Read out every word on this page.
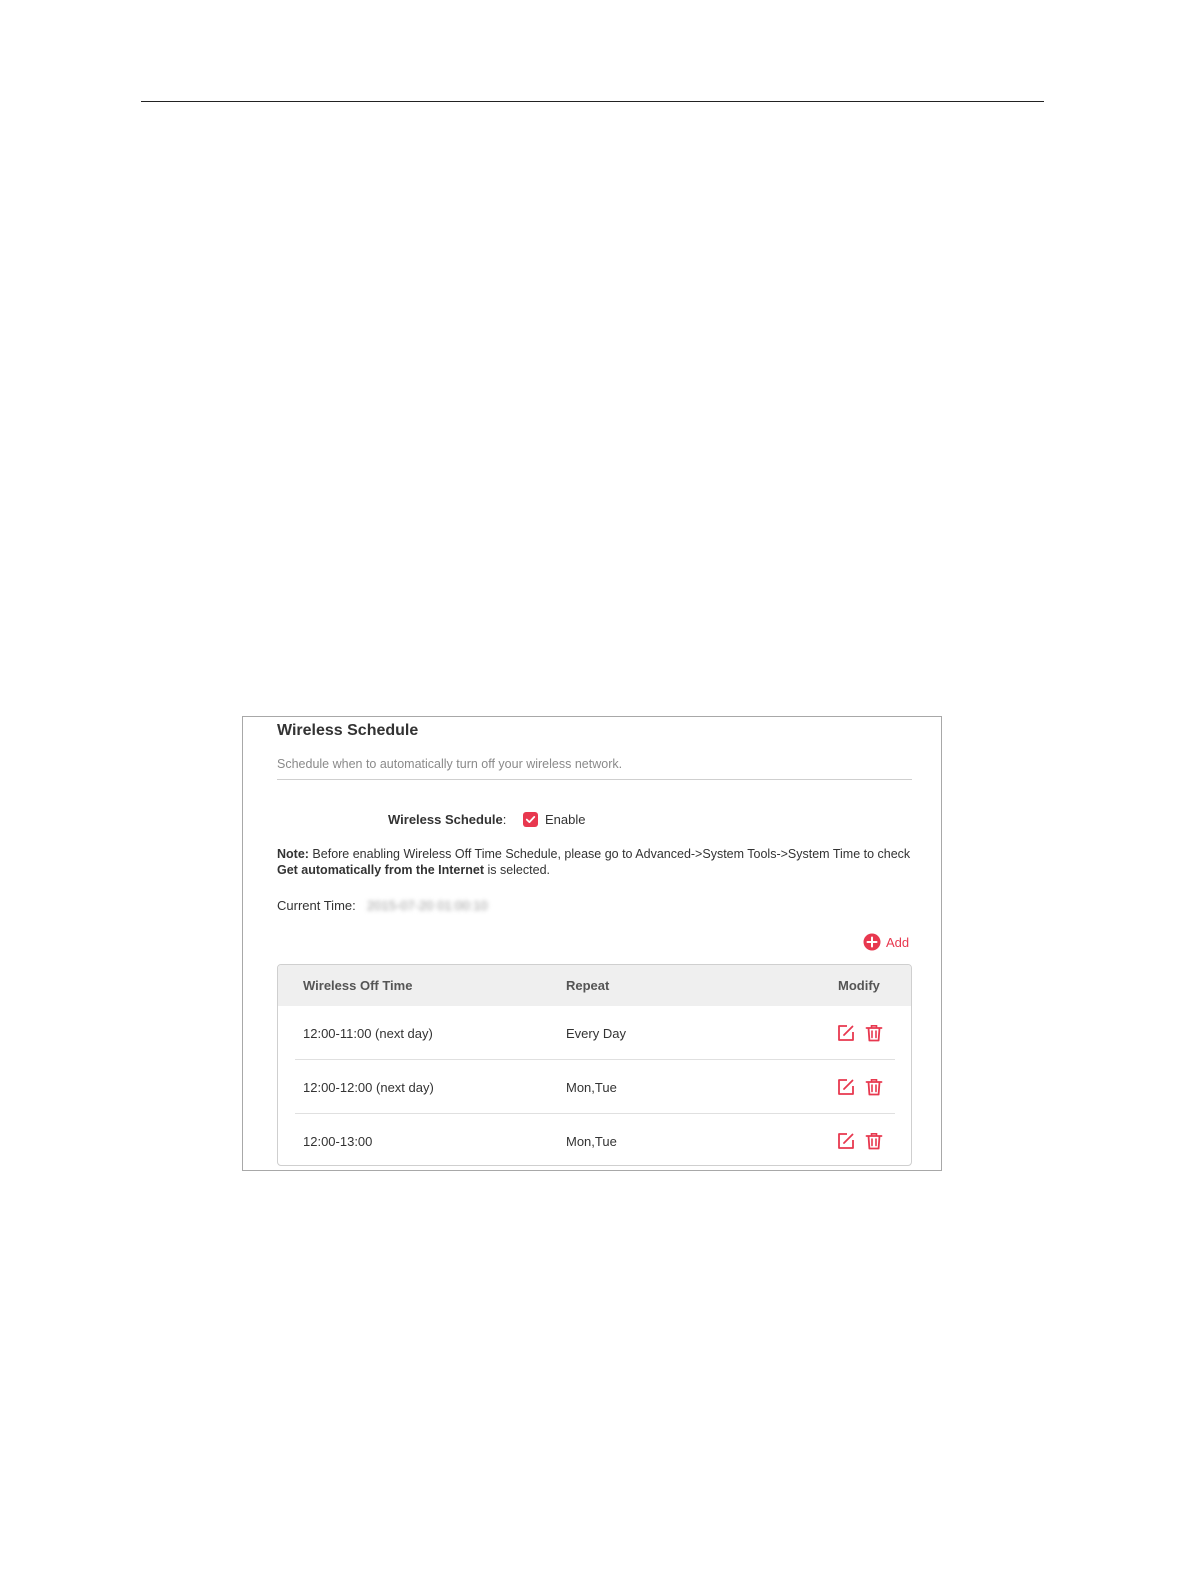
Wireless Schedule
Schedule when to automatically turn off your wireless network.
Wireless Schedule:	Enable
Note: Before enabling Wireless Off Time Schedule, please go to Advanced->System Tools->System Time to check Get automatically from the Internet is selected.
Current Time: 2015-07-20 01:00:10
Add
Wireless Off Time	Repeat	Modify
12:00-11:00 (next day)	Every Day
12:00-12:00 (next day)	Mon,Tue
12:00-13:00	Mon,Tue
